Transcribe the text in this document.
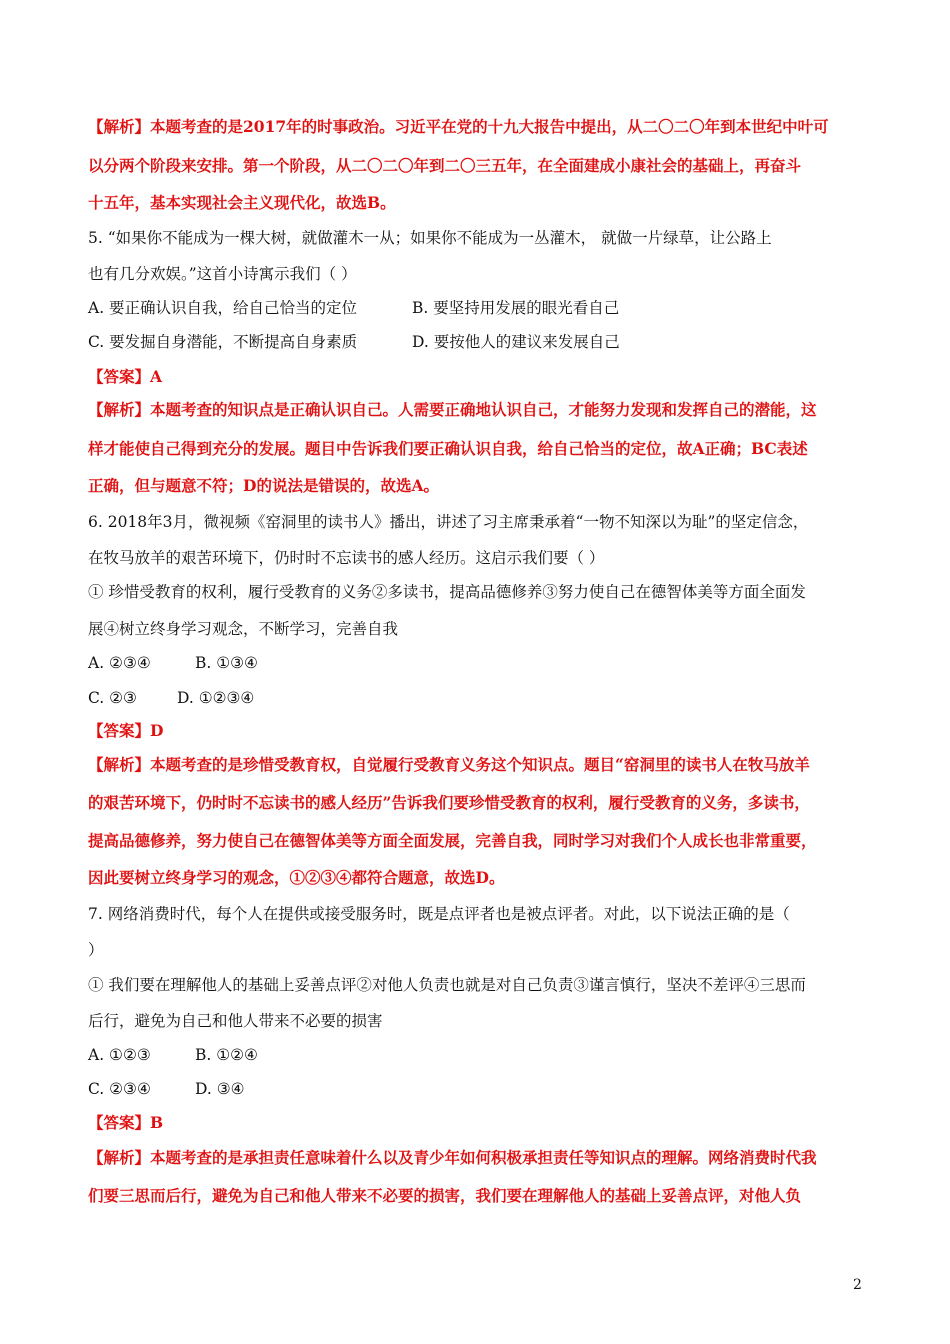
【解析】本题考查的是2017年的时事政治。习近平在党的十九大报告中提出，从二〇二〇年到本世纪中叶可
以分两个阶段来安排。第一个阶段，从二〇二〇年到二〇三五年，在全面建成小康社会的基础上，再奋斗
十五年，基本实现社会主义现代化，故选B。
5. “如果你不能成为一棵大树，就做灌木一从；如果你不能成为一丛灌木， 就做一片绿草，让公路上
也有几分欢娱。”这首小诗寓示我们（ ）
A. 要正确认识自我，给自己恰当的定位	B. 要坚持用发展的眼光看自己
C. 要发掘自身潜能，不断提高自身素质	D. 要按他人的建议来发展自己
【答案】A
【解析】本题考查的知识点是正确认识自己。人需要正确地认识自己，才能努力发现和发挥自己的潜能，这
样才能使自己得到充分的发展。题目中告诉我们要正确认识自我，给自己恰当的定位，故A正确；BC表述
正确，但与题意不符；D的说法是错误的，故选A。
6. 2018年3月，微视频《窑洞里的读书人》播出，讲述了习主席秉承着“一物不知深以为耻”的坚定信念，
在牧马放羊的艰苦环境下，仍时时不忘读书的感人经历。这启示我们要（ ）
① 珍惜受教育的权利，履行受教育的义务②多读书，提高品德修养③努力使自己在德智体美等方面全面发
展④树立终身学习观念，不断学习，完善自我
A. ②③④	B. ①③④
C. ②③	D. ①②③④
【答案】D
【解析】本题考查的是珍惜受教育权，自觉履行受教育义务这个知识点。题目“窑洞里的读书人在牧马放羊
的艰苦环境下，仍时时不忘读书的感人经历”告诉我们要珍惜受教育的权利，履行受教育的义务，多读书，
提高品德修养，努力使自己在德智体美等方面全面发展，完善自我，同时学习对我们个人成长也非常重要，
因此要树立终身学习的观念，①②③④都符合题意，故选D。
7. 网络消费时代，每个人在提供或接受服务时，既是点评者也是被点评者。对此，以下说法正确的是（
）
① 我们要在理解他人的基础上妥善点评②对他人负责也就是对自己负责③谨言慎行，坚决不差评④三思而
后行，避免为自己和他人带来不必要的损害
A. ①②③	B. ①②④
C. ②③④	D. ③④
【答案】B
【解析】本题考查的是承担责任意味着什么以及青少年如何积极承担责任等知识点的理解。网络消费时代我
们要三思而后行，避免为自己和他人带来不必要的损害，我们要在理解他人的基础上妥善点评，对他人负
2
